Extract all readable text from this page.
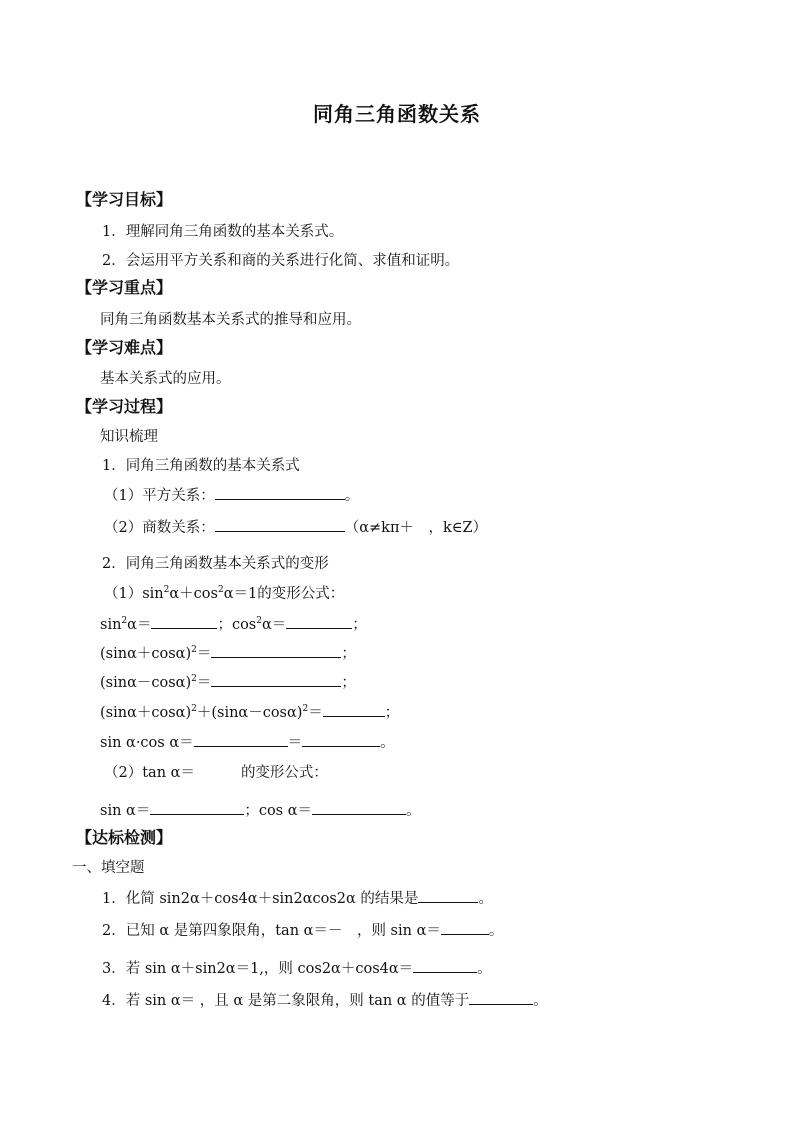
同角三角函数关系
【学习目标】
1．理解同角三角函数的基本关系式。
2．会运用平方关系和商的关系进行化简、求值和证明。
【学习重点】
同角三角函数基本关系式的推导和应用。
【学习难点】
基本关系式的应用。
【学习过程】
知识梳理
1．同角三角函数的基本关系式
（1）平方关系：	。
（2）商数关系：	（α≠kπ＋　，k∈Z）
2．同角三角函数基本关系式的变形
$(1)\sin^2\alpha+\cos^2\alpha=1$的变形公式：
$\sin^2\alpha=$	；$\cos^2\alpha=$	；
$(\sin\alpha+\cos\alpha)^2=$	；
$(\sin\alpha-\cos\alpha)^2=$	；
$(\sin\alpha+\cos\alpha)^2+(\sin\alpha-\cos\alpha)^2=$	；
sin α·cos α＝	＝	。
（2）tan α＝	的变形公式：
sin α＝	；cos α＝	。
【达标检测】
一、填空题
1．化简 sin2α＋cos4α＋sin2αcos2α 的结果是	。
2．已知 α 是第四象限角，tan α＝－　，则 sin α＝	。
3．若 sin α＋sin2α＝1,，则 cos2α＋cos4α＝	。
4．若 sin α＝ ，且 α 是第二象限角，则 tan α 的值等于	。
